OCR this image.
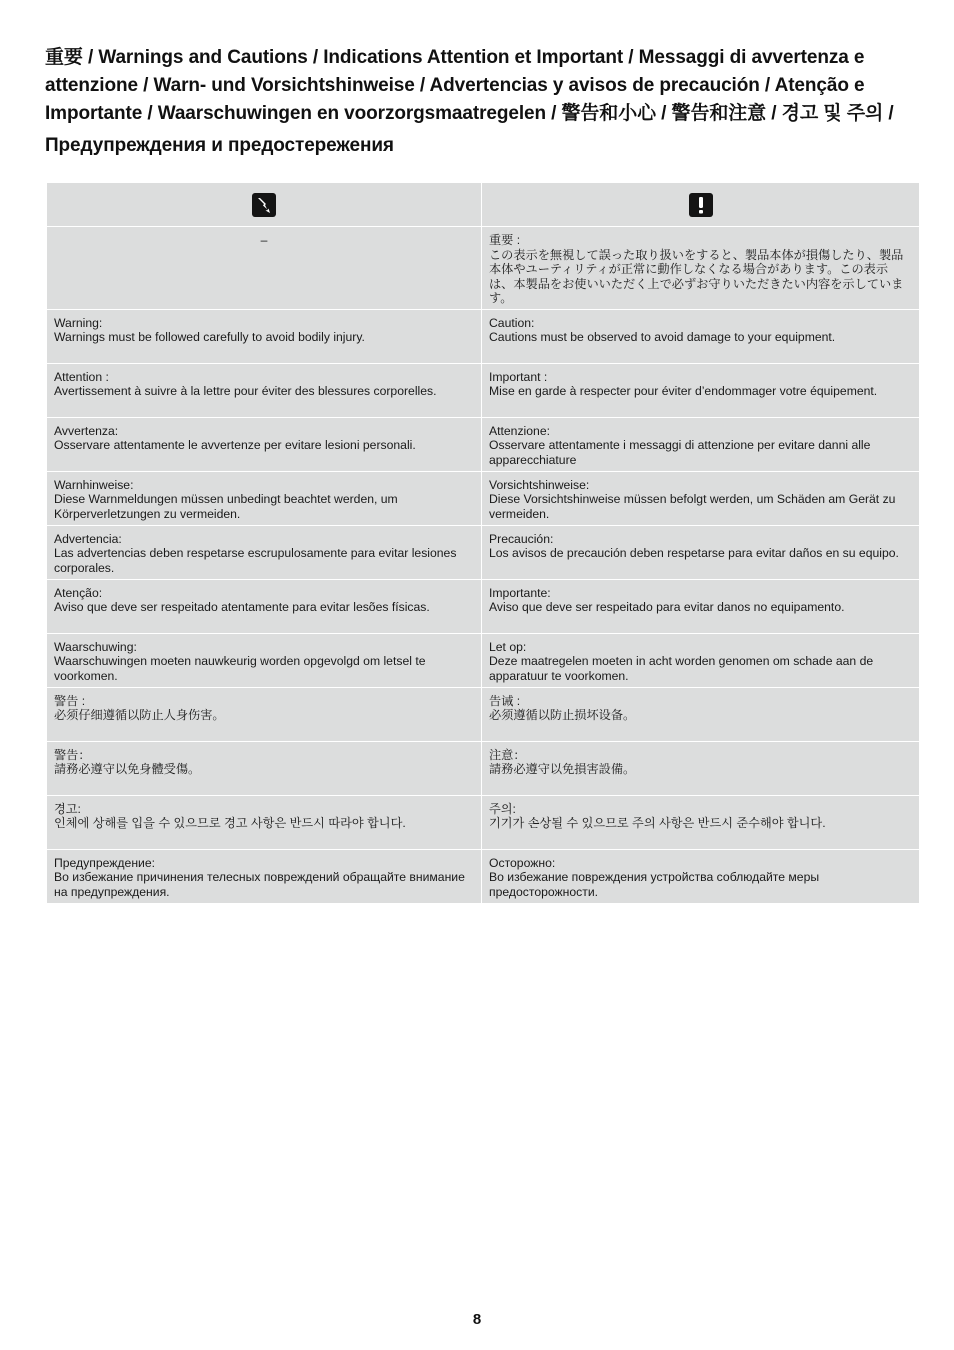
重要 / Warnings and Cautions / Indications Attention et Important / Messaggi di avvertenza e
attenzione / Warn- und Vorsichtshinweise / Advertencias y avisos de precaución / Atenção e
Importante / Waarschuwingen en voorzorgsmaatregelen / 警告和小心 / 警告和注意 / 경고 및 주의 /
Предупреждения и предостережения

–	重要 :
この表示を無視して誤った取り扱いをすると、製品本体が損傷したり、製品本体やユーティリティが正常に動作しなくなる場合があります。この表示は、本製品をお使いいただく上で必ずお守りいただきたい内容を示しています。

Warning:
Warnings must be followed carefully to avoid bodily injury.	Caution:
Cautions must be observed to avoid damage to your equipment.

Attention :
Avertissement à suivre à la lettre pour éviter des blessures corporelles.	Important :
Mise en garde à respecter pour éviter d’endommager votre équipement.

Avvertenza:
Osservare attentamente le avvertenze per evitare lesioni personali.	Attenzione:
Osservare attentamente i messaggi di attenzione per evitare danni alle apparecchiature

Warnhinweise:
Diese Warnmeldungen müssen unbedingt beachtet werden, um Körperverletzungen zu vermeiden.	Vorsichtshinweise:
Diese Vorsichtshinweise müssen befolgt werden, um Schäden am Gerät zu vermeiden.

Advertencia:
Las advertencias deben respetarse escrupulosamente para evitar lesiones corporales.	Precaución:
Los avisos de precaución deben respetarse para evitar daños en su equipo.

Atenção:
Aviso que deve ser respeitado atentamente para evitar lesões físicas.	Importante:
Aviso que deve ser respeitado para evitar danos no equipamento.

Waarschuwing:
Waarschuwingen moeten nauwkeurig worden opgevolgd om letsel te voorkomen.	Let op:
Deze maatregelen moeten in acht worden genomen om schade aan de apparatuur te voorkomen.

警告 :
必须仔细遵循以防止人身伤害。	告诫 :
必须遵循以防止损坏设备。

警告：
請務必遵守以免身體受傷。	注意：
請務必遵守以免損害設備。

경고:
인체에 상해를 입을 수 있으므로 경고 사항은 반드시 따라야 합니다.	주의:
기기가 손상될 수 있으므로 주의 사항은 반드시 준수해야 합니다.

Предупреждение:
Во избежание причинения телесных повреждений обращайте внимание на предупреждения.	Осторожно:
Во избежание повреждения устройства соблюдайте меры предосторожности.
8
